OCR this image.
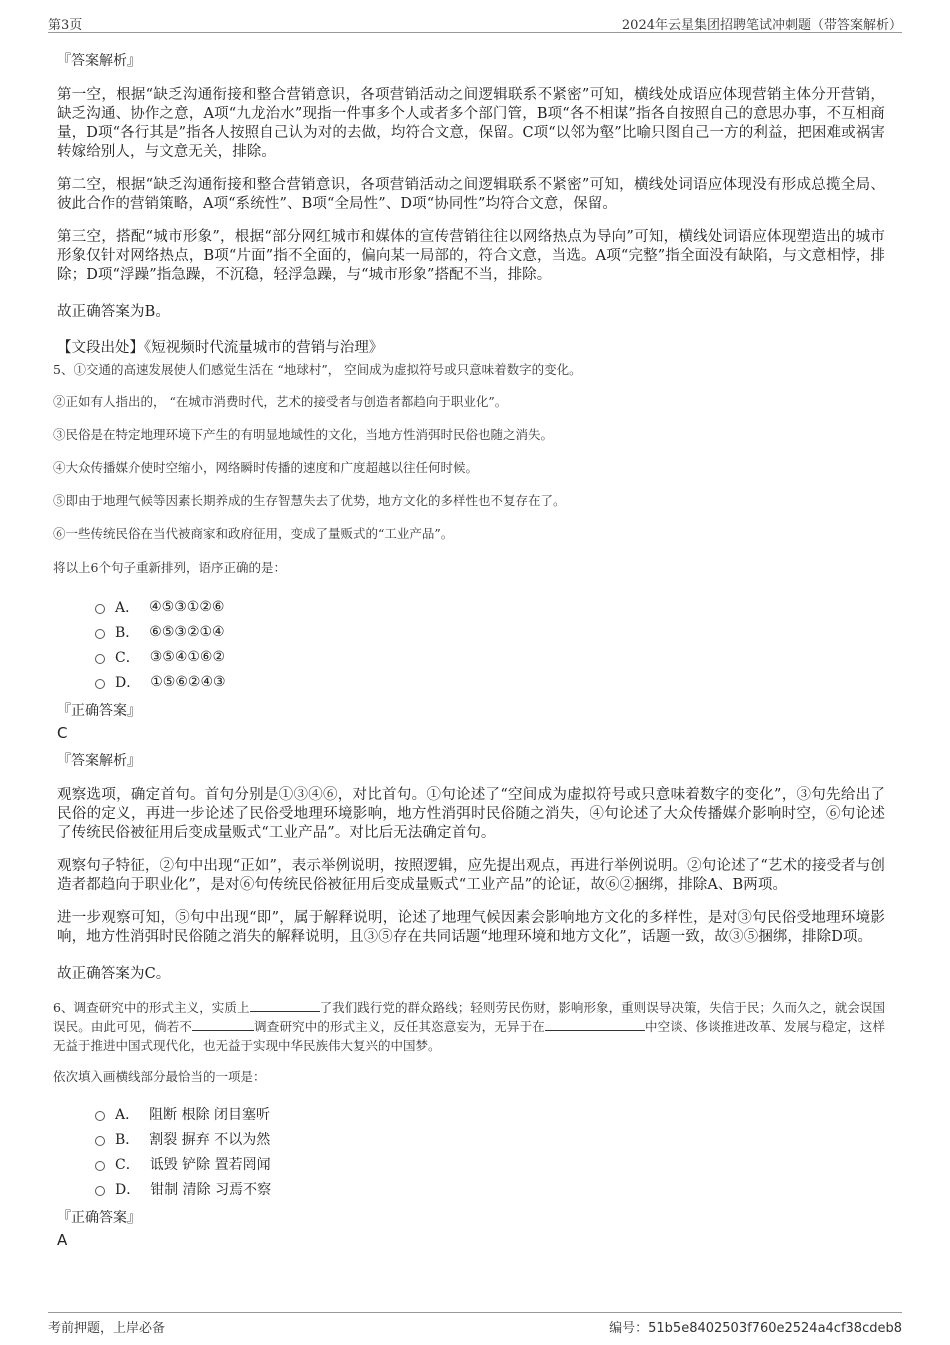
第3页	2024年云星集团招聘笔试冲刺题（带答案解析）
『答案解析』

第一空，根据“缺乏沟通衔接和整合营销意识，各项营销活动之间逻辑联系不紧密”可知，横线处成语应体现营销主体分开营销，缺乏沟通、协作之意，A项“九龙治水”现指一件事多个人或者多个部门管，B项“各不相谋”指各自按照自己的意思办事，不互相商量，D项“各行其是”指各人按照自己认为对的去做，均符合文意，保留。C项“以邻为壑”比喻只图自己一方的利益，把困难或祸害转嫁给别人，与文意无关，排除。

第二空，根据“缺乏沟通衔接和整合营销意识，各项营销活动之间逻辑联系不紧密”可知，横线处词语应体现没有形成总揽全局、彼此合作的营销策略，A项“系统性”、B项“全局性”、D项“协同性”均符合文意，保留。

第三空，搭配“城市形象”，根据“部分网红城市和媒体的宣传营销往往以网络热点为导向”可知，横线处词语应体现塑造出的城市形象仅针对网络热点，B项“片面”指不全面的，偏向某一局部的，符合文意，当选。A项“完整”指全面没有缺陷，与文意相悖，排除；D项“浮躁”指急躁，不沉稳，轻浮急躁，与“城市形象”搭配不当，排除。

故正确答案为B。

【文段出处】《短视频时代流量城市的营销与治理》
5、①交通的高速发展使人们感觉生活在 “地球村”， 空间成为虚拟符号或只意味着数字的变化。
②正如有人指出的， “在城市消费时代，艺术的接受者与创造者都趋向于职业化”。
③民俗是在特定地理环境下产生的有明显地域性的文化，当地方性消弭时民俗也随之消失。
④大众传播媒介使时空缩小，网络瞬时传播的速度和广度超越以往任何时候。
⑤即由于地理气候等因素长期养成的生存智慧失去了优势，地方文化的多样性也不复存在了。
⑥一些传统民俗在当代被商家和政府征用，变成了量贩式的“工业产品”。
将以上6个句子重新排列，语序正确的是：
A． ④⑤③①②⑥
B． ⑥⑤③②①④
C． ③⑤④①⑥②
D． ①⑤⑥②④③
『正确答案』
C
『答案解析』

观察选项，确定首句。首句分别是①③④⑥，对比首句。①句论述了“空间成为虚拟符号或只意味着数字的变化”，③句先给出了民俗的定义，再进一步论述了民俗受地理环境影响，地方性消弭时民俗随之消失，④句论述了大众传播媒介影响时空，⑥句论述了传统民俗被征用后变成量贩式“工业产品”。对比后无法确定首句。

观察句子特征，②句中出现“正如”，表示举例说明，按照逻辑，应先提出观点，再进行举例说明。②句论述了“艺术的接受者与创造者都趋向于职业化”，是对⑥句传统民俗被征用后变成量贩式“工业产品”的论证，故⑥②捆绑，排除A、B两项。

进一步观察可知，⑤句中出现“即”，属于解释说明，论述了地理气候因素会影响地方文化的多样性，是对③句民俗受地理环境影响，地方性消弭时民俗随之消失的解释说明，且③⑤存在共同话题“地理环境和地方文化”，话题一致，故③⑤捆绑，排除D项。

故正确答案为C。

6、调查研究中的形式主义，实质上	了我们践行党的群众路线；轻则劳民伤财，影响形象，重则误导决策，失信于民；久而久之，就会误国误民。由此可见，倘若不	调查研究中的形式主义，反任其恣意妄为，无异于在	中空谈、侈谈推进改革、发展与稳定，这样无益于推进中国式现代化，也无益于实现中华民族伟大复兴的中国梦。
依次填入画横线部分最恰当的一项是：
A． 阻断 根除 闭目塞听
B． 割裂 摒弃 不以为然
C． 诋毁 铲除 置若罔闻
D． 钳制 清除 习焉不察
『正确答案』
A
考前押题，上岸必备	编号：51b5e8402503f760e2524a4cf38cdeb8
